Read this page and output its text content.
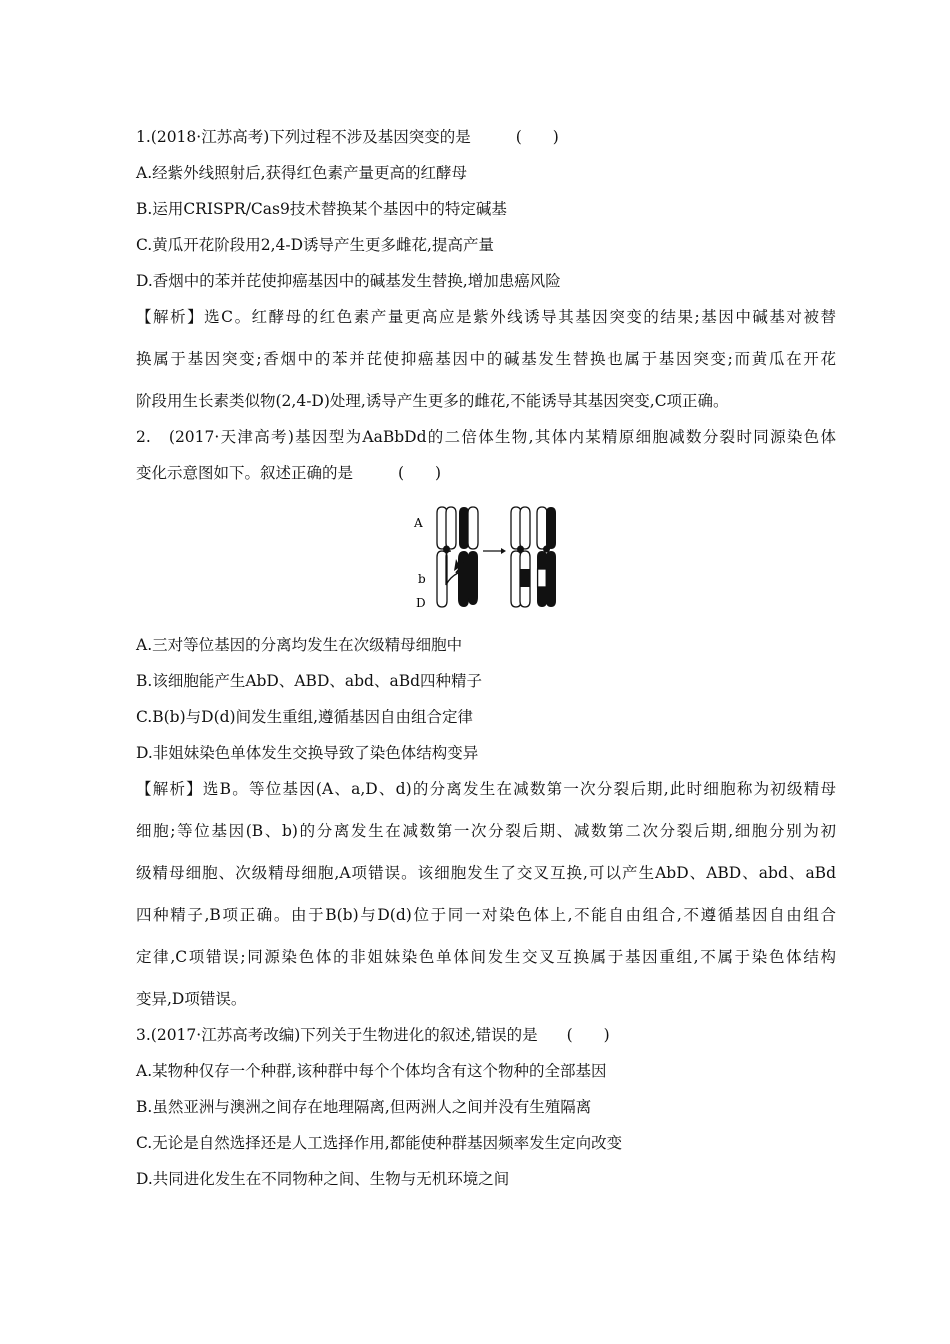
1.(2018·江苏高考)下列过程不涉及基因突变的是	(　　)
A.经紫外线照射后,获得红色素产量更高的红酵母
B.运用CRISPR/Cas9技术替换某个基因中的特定碱基
C.黄瓜开花阶段用2,4-D诱导产生更多雌花,提高产量
D.香烟中的苯并芘使抑癌基因中的碱基发生替换,增加患癌风险
【解析】选C。红酵母的红色素产量更高应是紫外线诱导其基因突变的结果;基因中碱基对被替
换属于基因突变;香烟中的苯并芘使抑癌基因中的碱基发生替换也属于基因突变;而黄瓜在开花
阶段用生长素类似物(2,4-D)处理,诱导产生更多的雌花,不能诱导其基因突变,C项正确。
2.　(2017·天津高考)基因型为AaBbDd的二倍体生物,其体内某精原细胞减数分裂时同源染色体
变化示意图如下。叙述正确的是	(　　)
A
b
D
A.三对等位基因的分离均发生在次级精母细胞中
B.该细胞能产生AbD、ABD、abd、aBd四种精子
C.B(b)与D(d)间发生重组,遵循基因自由组合定律
D.非姐妹染色单体发生交换导致了染色体结构变异
【解析】选B。等位基因(A、a,D、d)的分离发生在减数第一次分裂后期,此时细胞称为初级精母
细胞;等位基因(B、b)的分离发生在减数第一次分裂后期、减数第二次分裂后期,细胞分别为初
级精母细胞、次级精母细胞,A项错误。该细胞发生了交叉互换,可以产生AbD、ABD、abd、aBd
四种精子,B项正确。由于B(b)与D(d)位于同一对染色体上,不能自由组合,不遵循基因自由组合
定律,C项错误;同源染色体的非姐妹染色单体间发生交叉互换属于基因重组,不属于染色体结构
变异,D项错误。
3.(2017·江苏高考改编)下列关于生物进化的叙述,错误的是 (　　)
A.某物种仅存一个种群,该种群中每个个体均含有这个物种的全部基因
B.虽然亚洲与澳洲之间存在地理隔离,但两洲人之间并没有生殖隔离
C.无论是自然选择还是人工选择作用,都能使种群基因频率发生定向改变
D.共同进化发生在不同物种之间、生物与无机环境之间
